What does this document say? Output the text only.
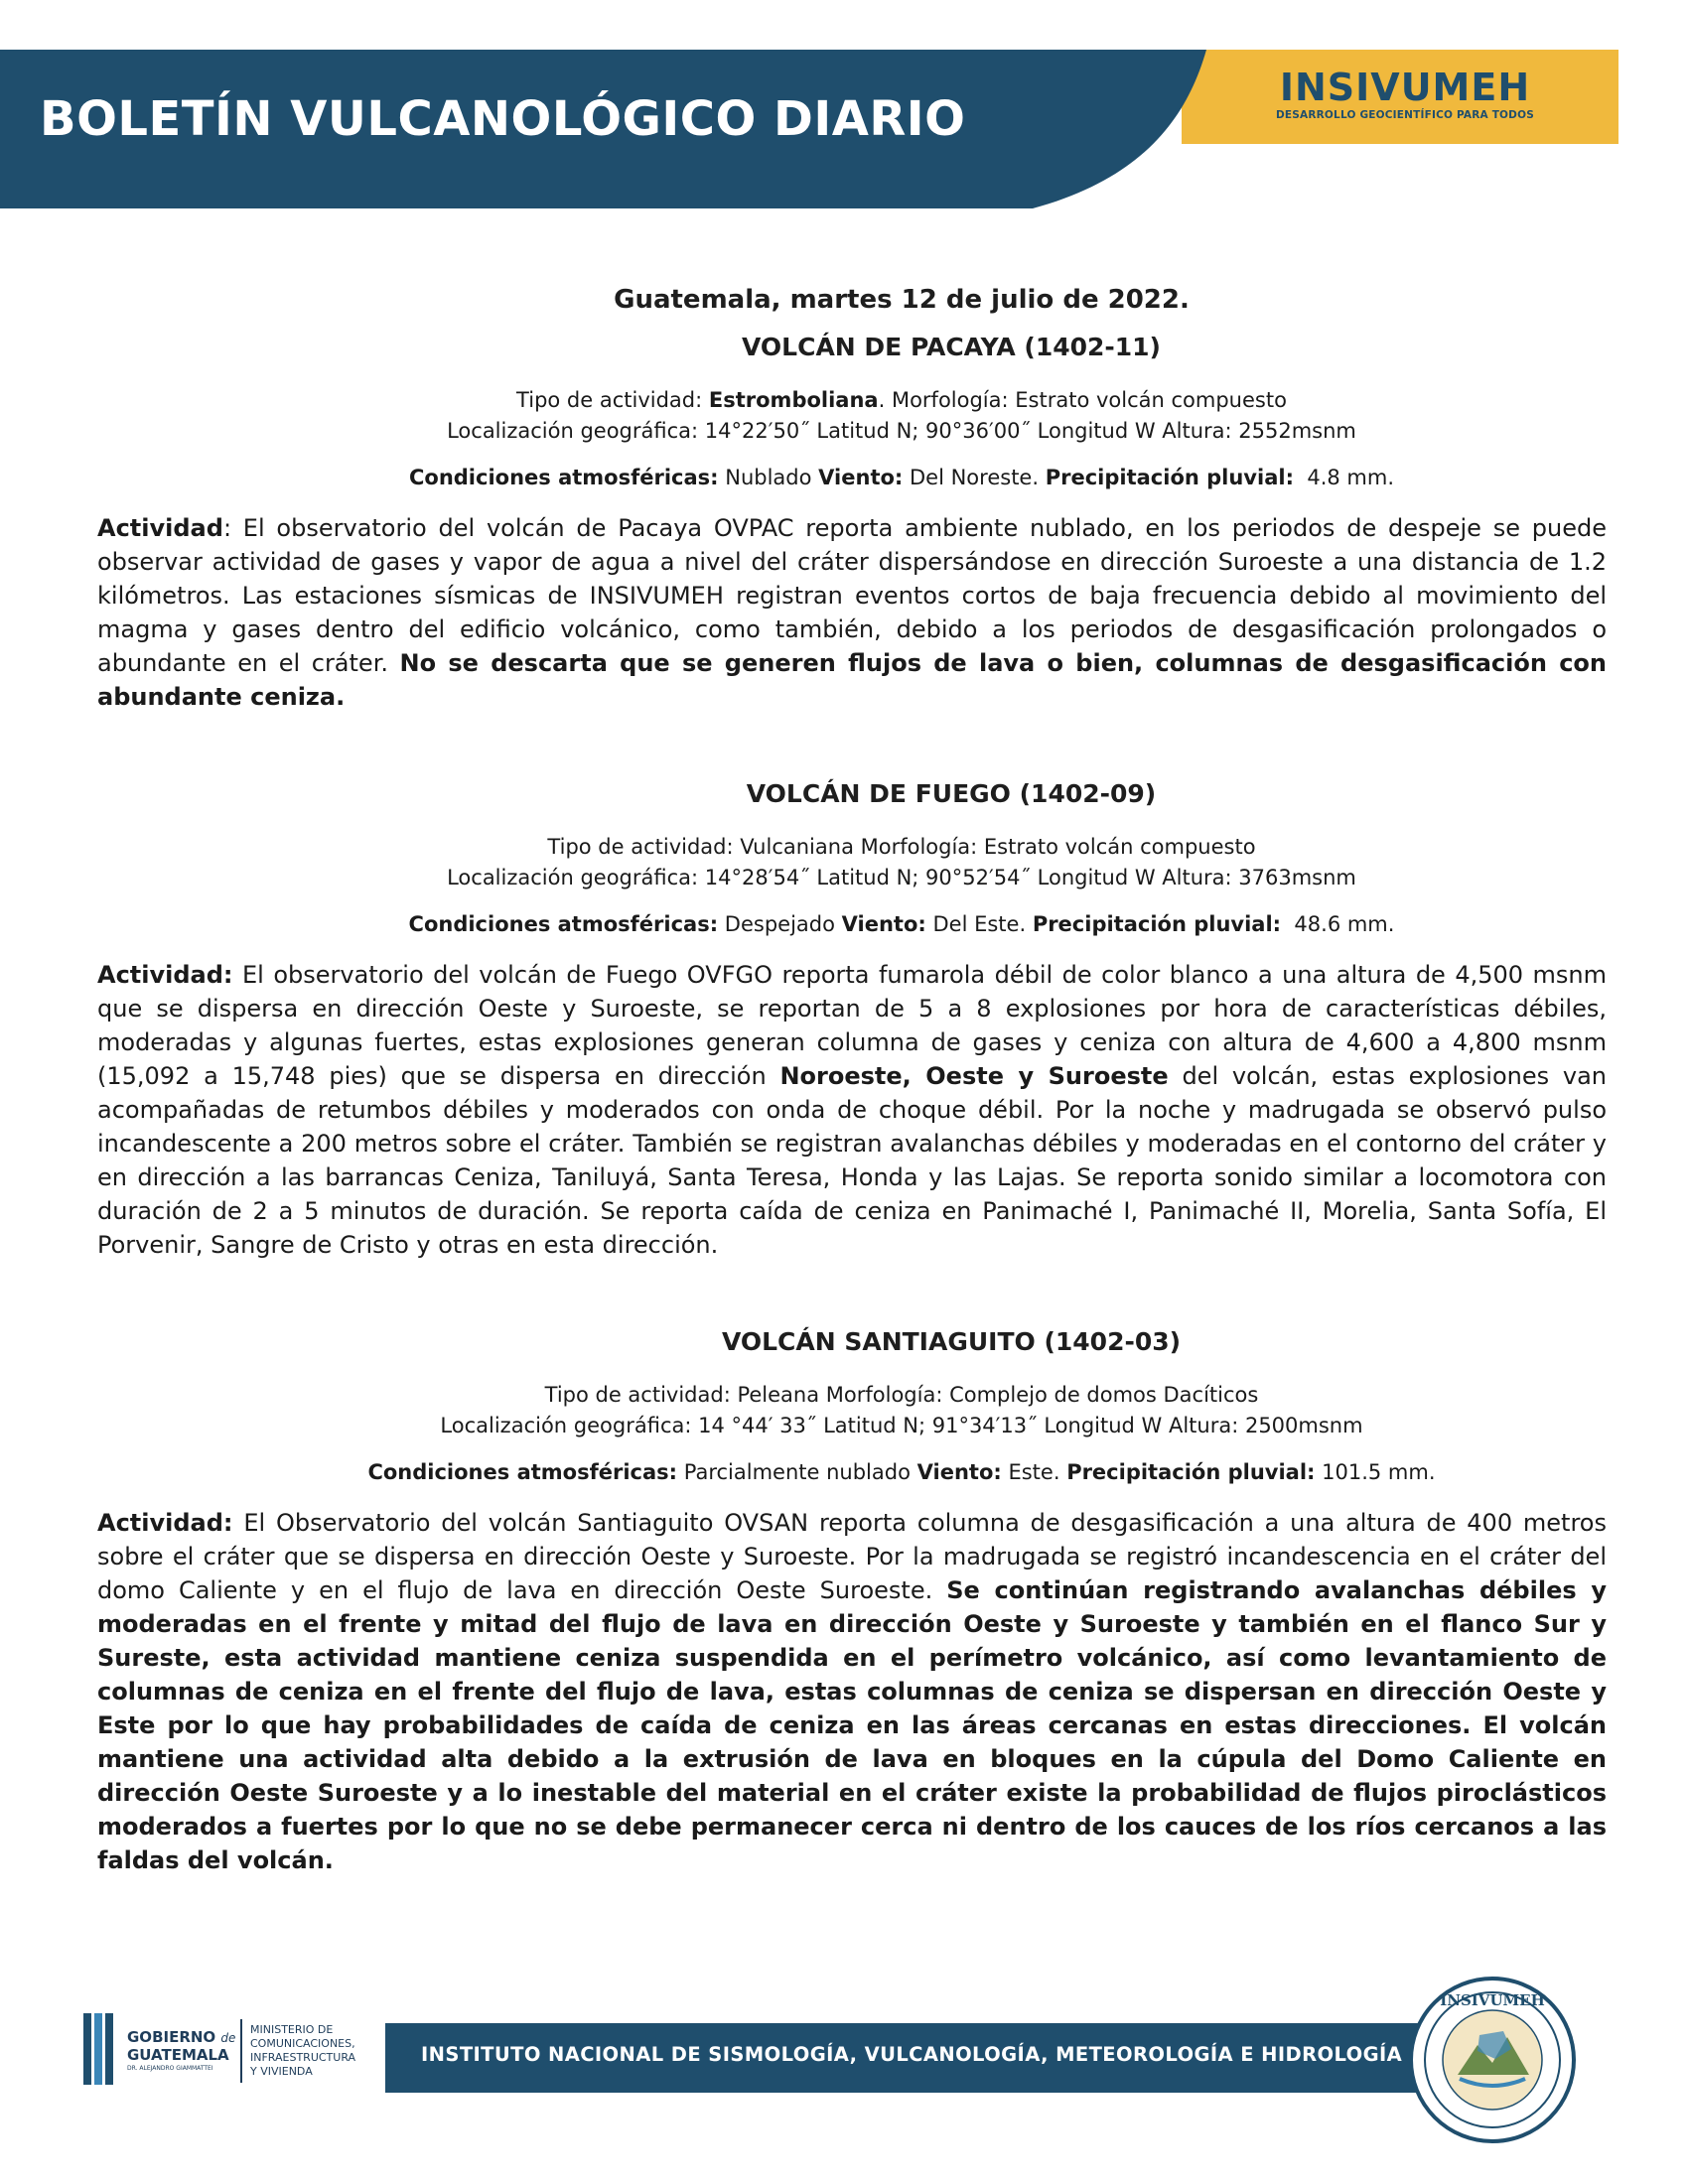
BOLETÍN VULCANOLÓGICO DIARIO
INSIVUMEH
DESARROLLO GEOCIENTÍFICO PARA TODOS

Guatemala, martes 12 de julio de 2022.

VOLCÁN DE PACAYA (1402-11)

Tipo de actividad: Estromboliana. Morfología: Estrato volcán compuesto
Localización geográfica: 14°22′50˝ Latitud N; 90°36′00˝ Longitud W Altura: 2552msnm

Condiciones atmosféricas: Nublado Viento: Del Noreste. Precipitación pluvial: 4.8 mm.

Actividad: El observatorio del volcán de Pacaya OVPAC reporta ambiente nublado, en los periodos de despeje se puede observar actividad de gases y vapor de agua a nivel del cráter dispersándose en dirección Suroeste a una distancia de 1.2 kilómetros. Las estaciones sísmicas de INSIVUMEH registran eventos cortos de baja frecuencia debido al movimiento del magma y gases dentro del edificio volcánico, como también, debido a los periodos de desgasificación prolongados o abundante en el cráter. No se descarta que se generen flujos de lava o bien, columnas de desgasificación con abundante ceniza.

VOLCÁN DE FUEGO (1402-09)

Tipo de actividad: Vulcaniana Morfología: Estrato volcán compuesto
Localización geográfica: 14°28′54˝ Latitud N; 90°52′54˝ Longitud W Altura: 3763msnm

Condiciones atmosféricas: Despejado Viento: Del Este. Precipitación pluvial: 48.6 mm.

Actividad: El observatorio del volcán de Fuego OVFGO reporta fumarola débil de color blanco a una altura de 4,500 msnm que se dispersa en dirección Oeste y Suroeste, se reportan de 5 a 8 explosiones por hora de características débiles, moderadas y algunas fuertes, estas explosiones generan columna de gases y ceniza con altura de 4,600 a 4,800 msnm (15,092 a 15,748 pies) que se dispersa en dirección Noroeste, Oeste y Suroeste del volcán, estas explosiones van acompañadas de retumbos débiles y moderados con onda de choque débil. Por la noche y madrugada se observó pulso incandescente a 200 metros sobre el cráter. También se registran avalanchas débiles y moderadas en el contorno del cráter y en dirección a las barrancas Ceniza, Taniluyá, Santa Teresa, Honda y las Lajas. Se reporta sonido similar a locomotora con duración de 2 a 5 minutos de duración. Se reporta caída de ceniza en Panimaché I, Panimaché II, Morelia, Santa Sofía, El Porvenir, Sangre de Cristo y otras en esta dirección.

VOLCÁN SANTIAGUITO (1402-03)

Tipo de actividad: Peleana Morfología: Complejo de domos Dacíticos
Localización geográfica: 14 °44′ 33˝ Latitud N; 91°34′13˝ Longitud W Altura: 2500msnm

Condiciones atmosféricas: Parcialmente nublado Viento: Este. Precipitación pluvial: 101.5 mm.

Actividad: El Observatorio del volcán Santiaguito OVSAN reporta columna de desgasificación a una altura de 400 metros sobre el cráter que se dispersa en dirección Oeste y Suroeste. Por la madrugada se registró incandescencia en el cráter del domo Caliente y en el flujo de lava en dirección Oeste Suroeste. Se continúan registrando avalanchas débiles y moderadas en el frente y mitad del flujo de lava en dirección Oeste y Suroeste y también en el flanco Sur y Sureste, esta actividad mantiene ceniza suspendida en el perímetro volcánico, así como levantamiento de columnas de ceniza en el frente del flujo de lava, estas columnas de ceniza se dispersan en dirección Oeste y Este por lo que hay probabilidades de caída de ceniza en las áreas cercanas en estas direcciones. El volcán mantiene una actividad alta debido a la extrusión de lava en bloques en la cúpula del Domo Caliente en dirección Oeste Suroeste y a lo inestable del material en el cráter existe la probabilidad de flujos piroclásticos moderados a fuertes por lo que no se debe permanecer cerca ni dentro de los cauces de los ríos cercanos a las faldas del volcán.

GOBIERNO de
GUATEMALA
DR. ALEJANDRO GIAMMATTEI
MINISTERIO DE
COMUNICACIONES,
INFRAESTRUCTURA
Y VIVIENDA
INSTITUTO NACIONAL DE SISMOLOGÍA, VULCANOLOGÍA, METEOROLOGÍA E HIDROLOGÍA
INSIVUMEH
